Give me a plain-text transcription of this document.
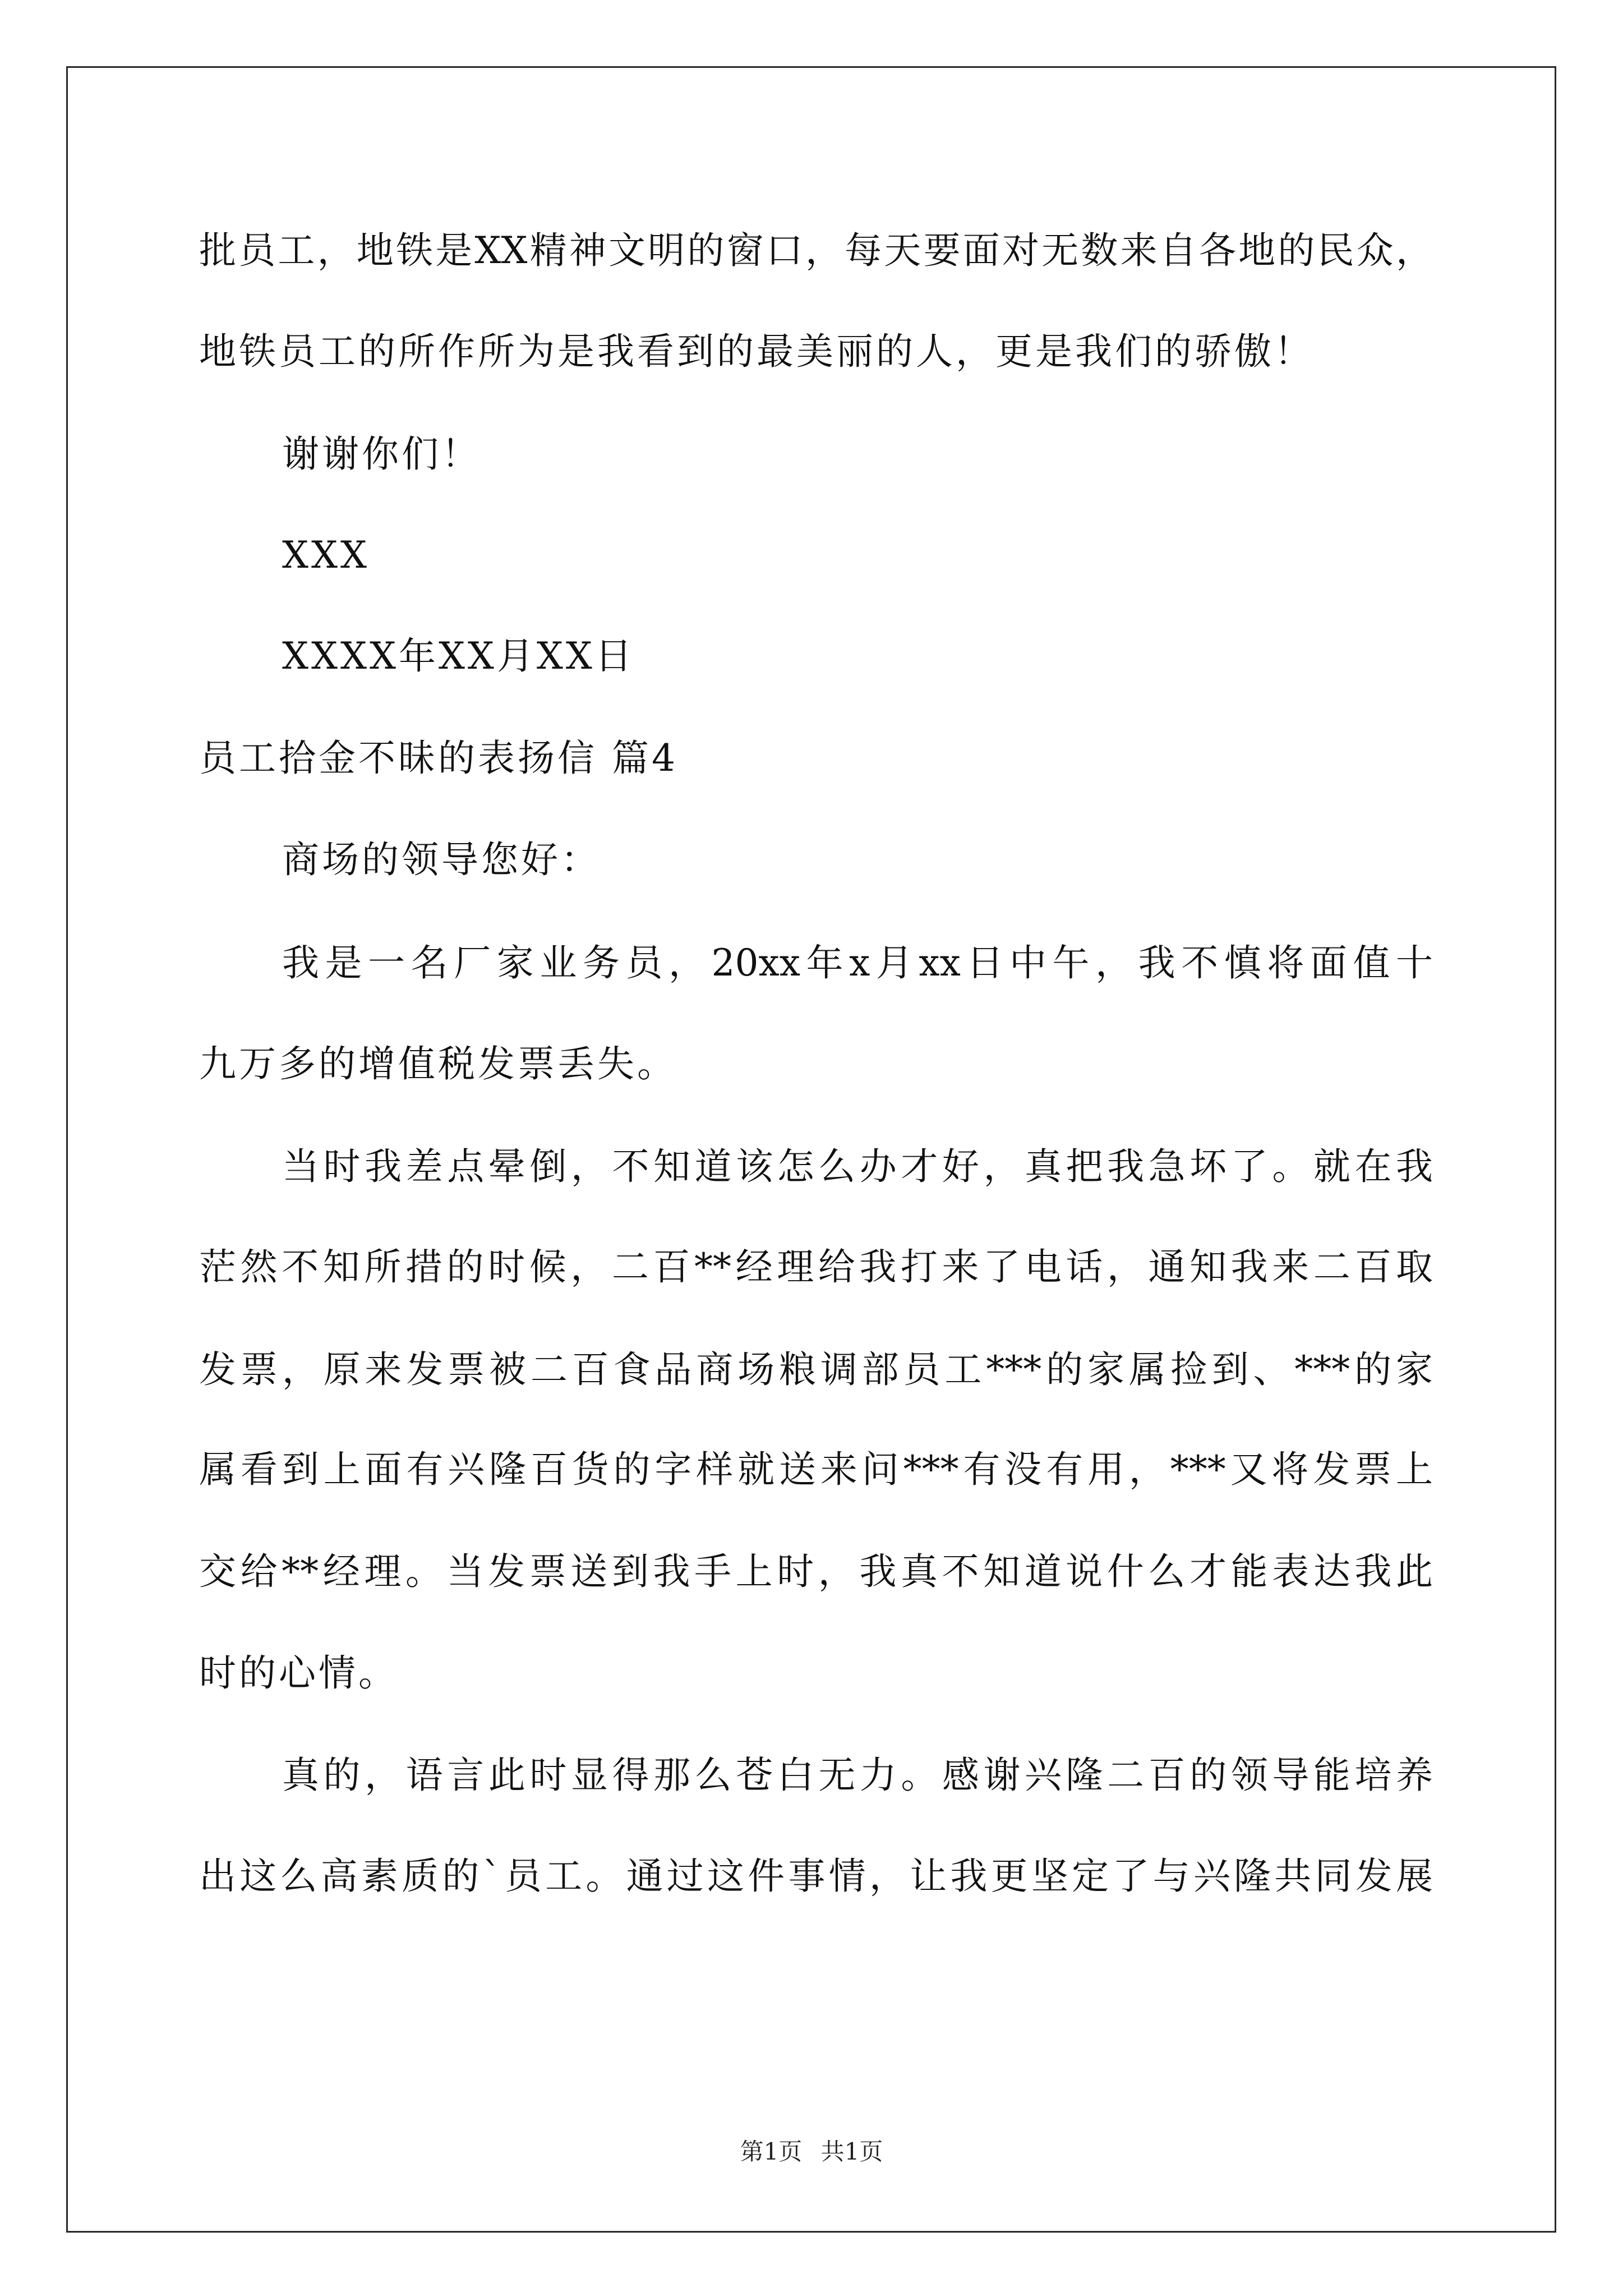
批员工，地铁是XX精神文明的窗口，每天要面对无数来自各地的民众，
地铁员工的所作所为是我看到的最美丽的人，更是我们的骄傲！
谢谢你们！
XXX
XXXX年XX月XX日
员工拾金不昧的表扬信 篇4
商场的领导您好：
我是一名厂家业务员，20xx年x月xx日中午，我不慎将面值十
九万多的增值税发票丢失。
当时我差点晕倒，不知道该怎么办才好，真把我急坏了。就在我
茫然不知所措的时候，二百**经理给我打来了电话，通知我来二百取
发票，原来发票被二百食品商场粮调部员工***的家属捡到、***的家
属看到上面有兴隆百货的字样就送来问***有没有用，***又将发票上
交给**经理。当发票送到我手上时，我真不知道说什么才能表达我此
时的心情。
真的，语言此时显得那么苍白无力。感谢兴隆二百的领导能培养
出这么高素质的`员工。通过这件事情，让我更坚定了与兴隆共同发展
第1页 共1页
